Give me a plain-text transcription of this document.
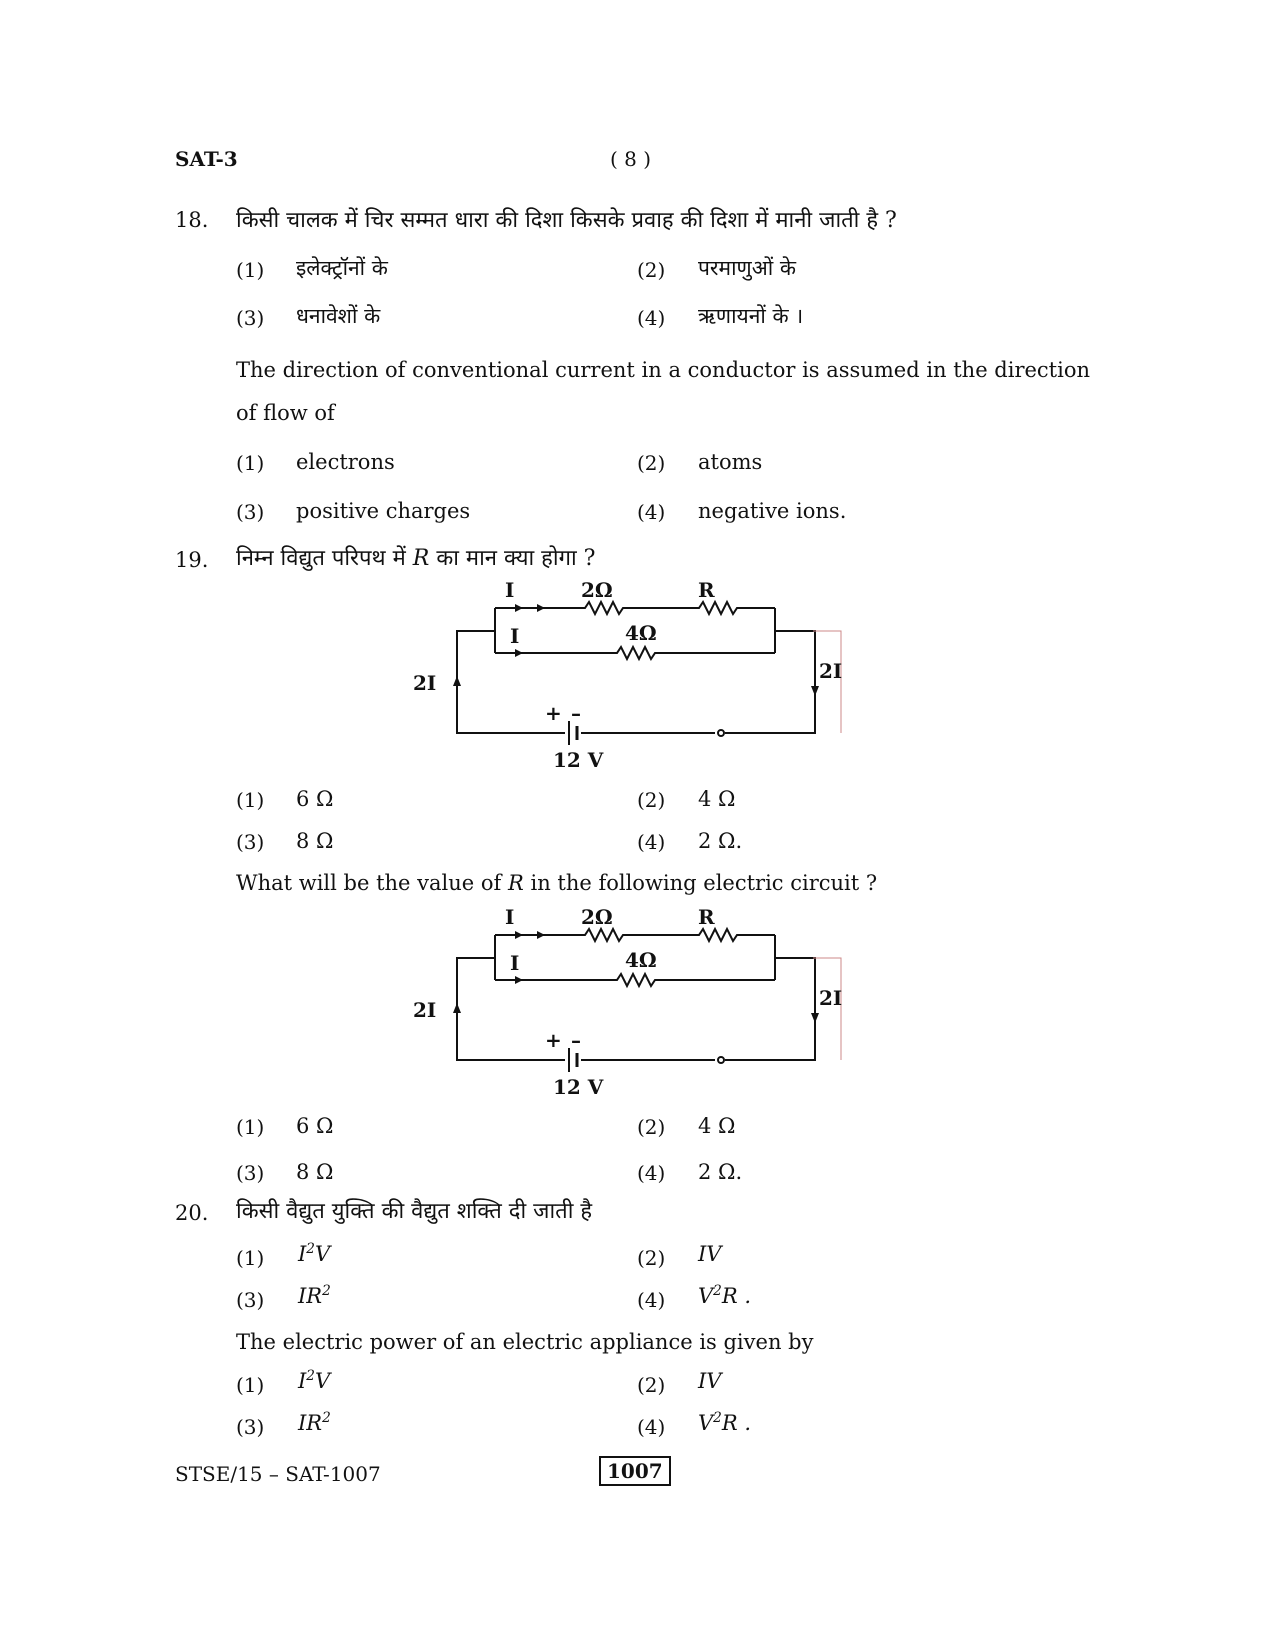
SAT-3	( 8 )
18. किसी चालक में चिर सम्मत धारा की दिशा किसके प्रवाह की दिशा में मानी जाती है ?
(1) इलेक्ट्रॉनों के	(2) परमाणुओं के
(3) धनावेशों के	(4) ऋणायनों के ।
The direction of conventional current in a conductor is assumed in the direction
of flow of
(1) electrons	(2) atoms
(3) positive charges	(4) negative ions.
19. निम्न विद्युत परिपथ में R का मान क्या होगा ?
I	2Ω	R
I	4Ω
2I	2I
+ –
12 V
(1) 6 Ω	(2) 4 Ω
(3) 8 Ω	(4) 2 Ω.
What will be the value of R in the following electric circuit ?
I	2Ω	R
I	4Ω
2I	2I
+ –
12 V
(1) 6 Ω	(2) 4 Ω
(3) 8 Ω	(4) 2 Ω.
20. किसी वैद्युत युक्ति की वैद्युत शक्ति दी जाती है
(1) $I^2V$	(2) IV
(3) $IR^2$	(4) $V^2R$ .
The electric power of an electric appliance is given by
(1) $I^2V$	(2) IV
(3) $IR^2$	(4) $V^2R$ .
STSE/15 – SAT-1007	1007
